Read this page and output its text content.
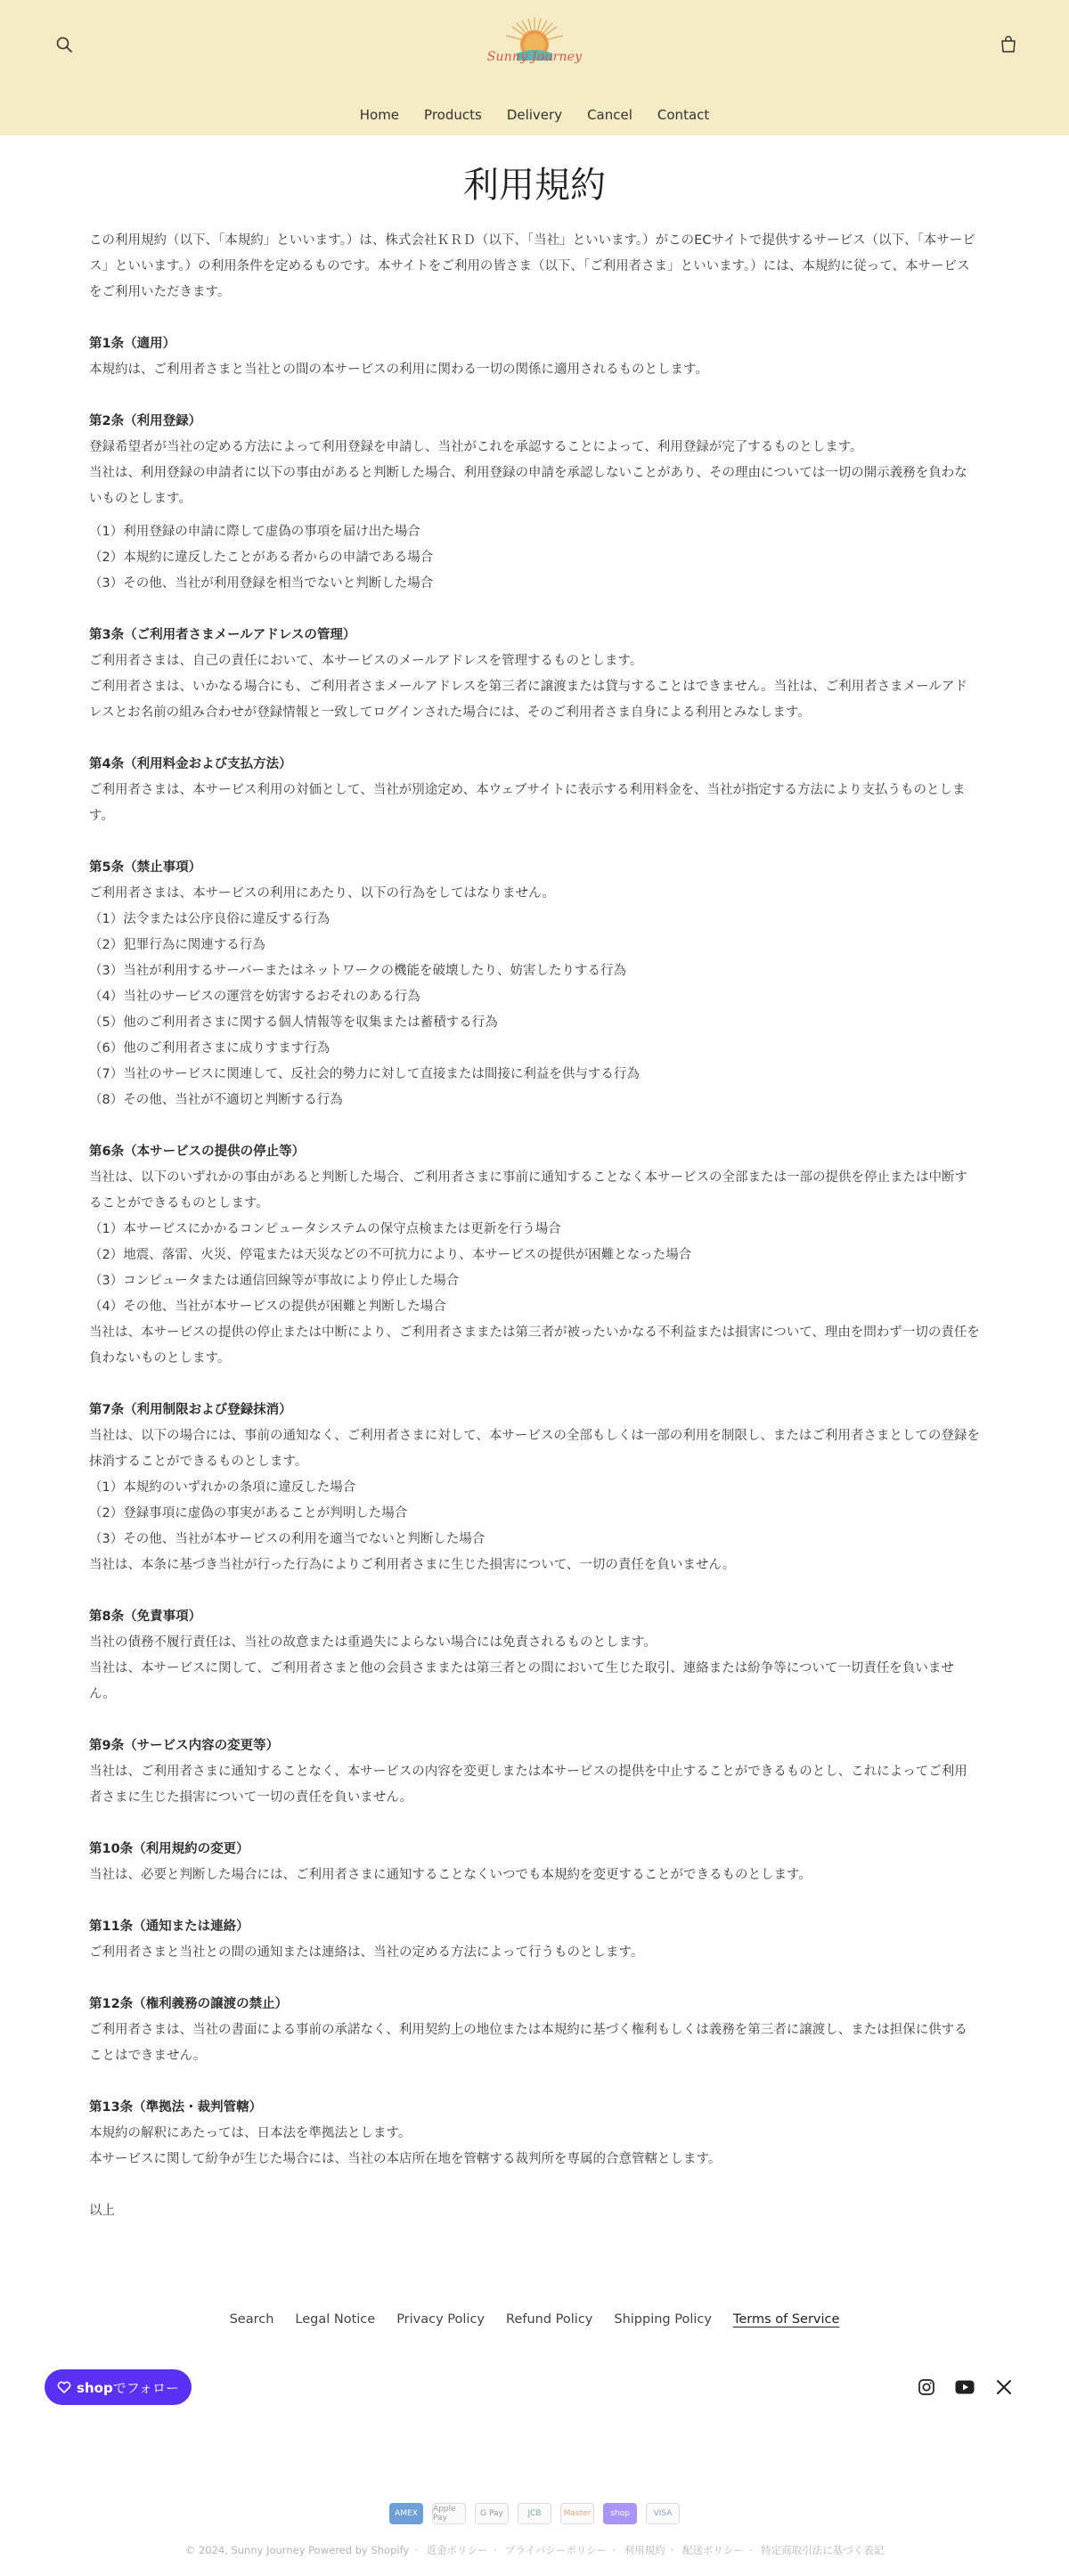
Sunny Journey
Home Products Delivery Cancel Contact
利用規約

この利用規約（以下、「本規約」といいます。）は、株式会社ＫＲＤ（以下、「当社」といいます。）がこのECサイトで提供するサービス（以下、「本サービス」といいます。）の利用条件を定めるものです。本サイトをご利用の皆さま（以下、「ご利用者さま」といいます。）には、本規約に従って、本サービスをご利用いただきます。

第1条（適用）

本規約は、ご利用者さまと当社との間の本サービスの利用に関わる一切の関係に適用されるものとします。

第2条（利用登録）

登録希望者が当社の定める方法によって利用登録を申請し、当社がこれを承認することによって、利用登録が完了するものとします。

当社は、利用登録の申請者に以下の事由があると判断した場合、利用登録の申請を承認しないことがあり、その理由については一切の開示義務を負わないものとします。

（1）利用登録の申請に際して虚偽の事項を届け出た場合

（2）本規約に違反したことがある者からの申請である場合

（3）その他、当社が利用登録を相当でないと判断した場合

第3条（ご利用者さまメールアドレスの管理）

ご利用者さまは、自己の責任において、本サービスのメールアドレスを管理するものとします。

ご利用者さまは、いかなる場合にも、ご利用者さまメールアドレスを第三者に譲渡または貸与することはできません。当社は、ご利用者さまメールアドレスとお名前の組み合わせが登録情報と一致してログインされた場合には、そのご利用者さま自身による利用とみなします。

第4条（利用料金および支払方法）

ご利用者さまは、本サービス利用の対価として、当社が別途定め、本ウェブサイトに表示する利用料金を、当社が指定する方法により支払うものとします。

第5条（禁止事項）

ご利用者さまは、本サービスの利用にあたり、以下の行為をしてはなりません。

（1）法令または公序良俗に違反する行為

（2）犯罪行為に関連する行為

（3）当社が利用するサーバーまたはネットワークの機能を破壊したり、妨害したりする行為

（4）当社のサービスの運営を妨害するおそれのある行為

（5）他のご利用者さまに関する個人情報等を収集または蓄積する行為

（6）他のご利用者さまに成りすます行為

（7）当社のサービスに関連して、反社会的勢力に対して直接または間接に利益を供与する行為

（8）その他、当社が不適切と判断する行為

第6条（本サービスの提供の停止等）

当社は、以下のいずれかの事由があると判断した場合、ご利用者さまに事前に通知することなく本サービスの全部または一部の提供を停止または中断することができるものとします。

（1）本サービスにかかるコンピュータシステムの保守点検または更新を行う場合

（2）地震、落雷、火災、停電または天災などの不可抗力により、本サービスの提供が困難となった場合

（3）コンピュータまたは通信回線等が事故により停止した場合

（4）その他、当社が本サービスの提供が困難と判断した場合

当社は、本サービスの提供の停止または中断により、ご利用者さままたは第三者が被ったいかなる不利益または損害について、理由を問わず一切の責任を負わないものとします。

第7条（利用制限および登録抹消）

当社は、以下の場合には、事前の通知なく、ご利用者さまに対して、本サービスの全部もしくは一部の利用を制限し、またはご利用者さまとしての登録を抹消することができるものとします。

（1）本規約のいずれかの条項に違反した場合

（2）登録事項に虚偽の事実があることが判明した場合

（3）その他、当社が本サービスの利用を適当でないと判断した場合

当社は、本条に基づき当社が行った行為によりご利用者さまに生じた損害について、一切の責任を負いません。

第8条（免責事項）

当社の債務不履行責任は、当社の故意または重過失によらない場合には免責されるものとします。

当社は、本サービスに関して、ご利用者さまと他の会員さままたは第三者との間において生じた取引、連絡または紛争等について一切責任を負いません。

第9条（サービス内容の変更等）

当社は、ご利用者さまに通知することなく、本サービスの内容を変更しまたは本サービスの提供を中止することができるものとし、これによってご利用者さまに生じた損害について一切の責任を負いません。

第10条（利用規約の変更）

当社は、必要と判断した場合には、ご利用者さまに通知することなくいつでも本規約を変更することができるものとします。

第11条（通知または連絡）

ご利用者さまと当社との間の通知または連絡は、当社の定める方法によって行うものとします。

第12条（権利義務の譲渡の禁止）

ご利用者さまは、当社の書面による事前の承諾なく、利用契約上の地位または本規約に基づく権利もしくは義務を第三者に譲渡し、または担保に供することはできません。

第13条（準拠法・裁判管轄）

本規約の解釈にあたっては、日本法を準拠法とします。

本サービスに関して紛争が生じた場合には、当社の本店所在地を管轄する裁判所を専属的合意管轄とします。

以上

Search Legal Notice Privacy Policy Refund Policy Shipping Policy Terms of Service
shopでフォロー
AMEX	Apple Pay	G Pay	JCB	Master	shop	VISA
© 2024, Sunny Journey Powered by Shopify · 返金ポリシー · プライバシーポリシー · 利用規約 · 配送ポリシー · 特定商取引法に基づく表記
